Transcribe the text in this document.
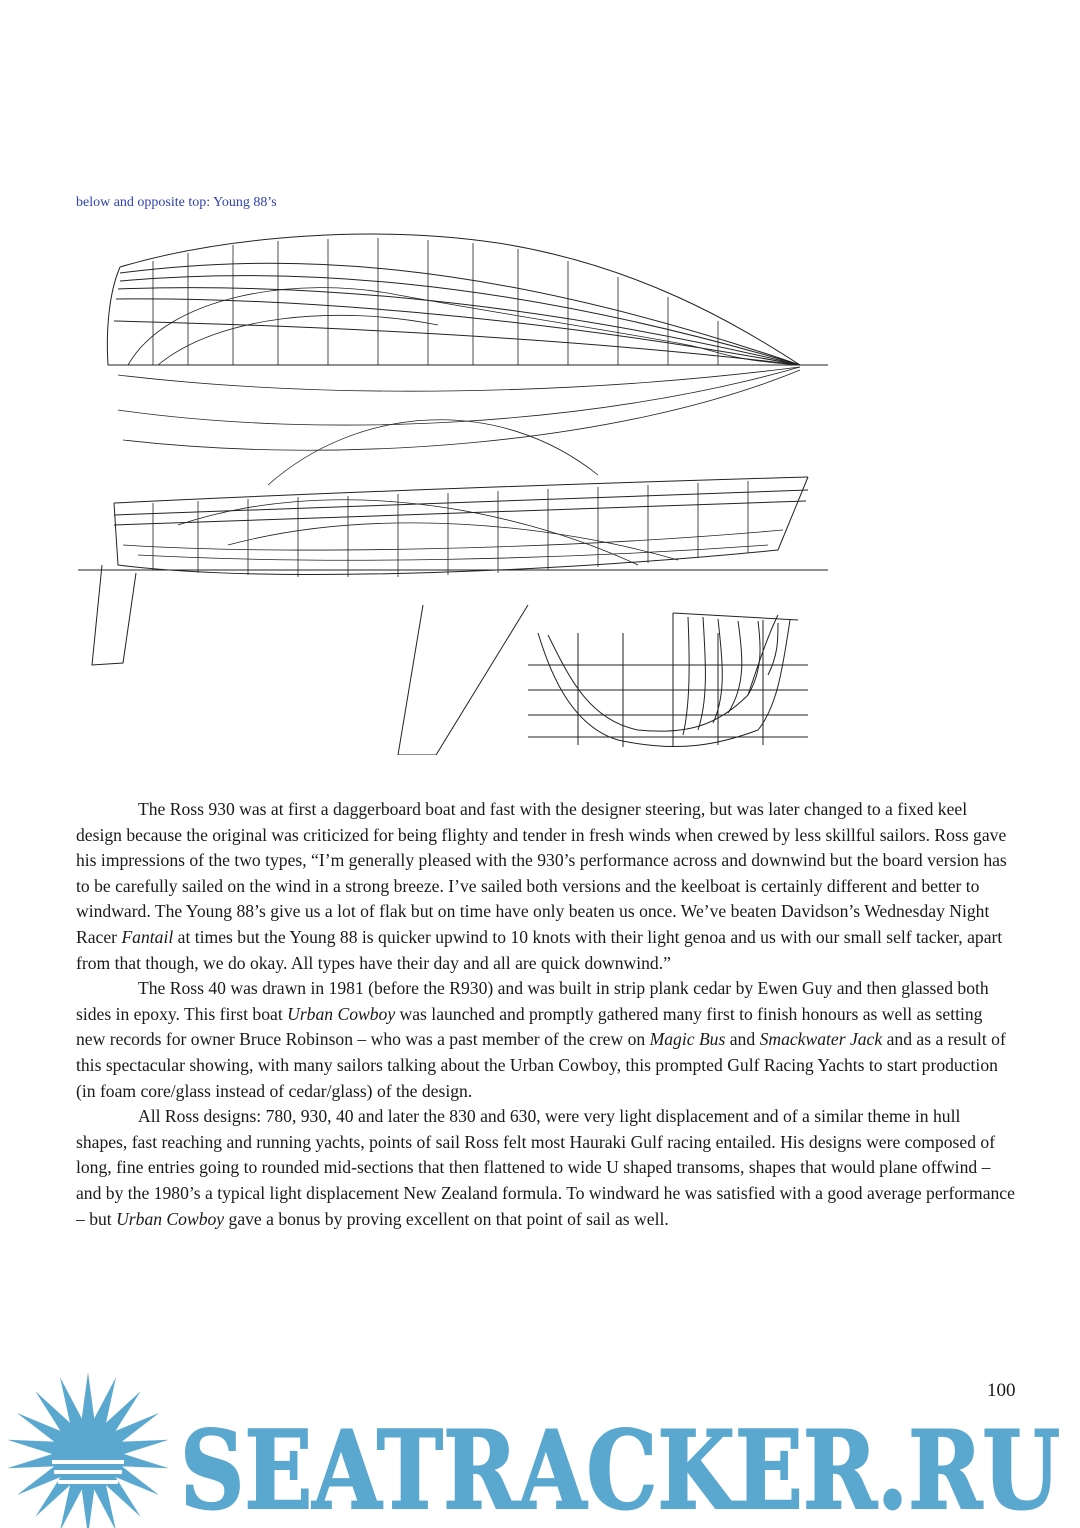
below and opposite top: Young 88’s

The Ross 930 was at first a daggerboard boat and fast with the designer steering, but was later changed to a fixed keel design because the original was criticized for being flighty and tender in fresh winds when crewed by less skillful sailors. Ross gave his impressions of the two types, “I’m generally pleased with the 930’s performance across and downwind but the board version has to be carefully sailed on the wind in a strong breeze. I’ve sailed both versions and the keelboat is certainly different and better to windward. The Young 88’s give us a lot of flak but on time have only beaten us once. We’ve beaten Davidson’s Wednesday Night Racer Fantail at times but the Young 88 is quicker upwind to 10 knots with their light genoa and us with our small self tacker, apart from that though, we do okay. All types have their day and all are quick downwind.”

The Ross 40 was drawn in 1981 (before the R930) and was built in strip plank cedar by Ewen Guy and then glassed both sides in epoxy. This first boat Urban Cowboy was launched and promptly gathered many first to finish honours as well as setting new records for owner Bruce Robinson – who was a past member of the crew on Magic Bus and Smackwater Jack and as a result of this spectacular showing, with many sailors talking about the Urban Cowboy, this prompted Gulf Racing Yachts to start production (in foam core/glass instead of cedar/glass) of the design.

All Ross designs: 780, 930, 40 and later the 830 and 630, were very light displacement and of a similar theme in hull shapes, fast reaching and running yachts, points of sail Ross felt most Hauraki Gulf racing entailed. His designs were composed of long, fine entries going to rounded mid-sections that then flattened to wide U shaped transoms, shapes that would plane offwind – and by the 1980’s a typical light displacement New Zealand formula. To windward he was satisfied with a good average performance – but Urban Cowboy gave a bonus by proving excellent on that point of sail as well.

100
SEATRACKER.RU
